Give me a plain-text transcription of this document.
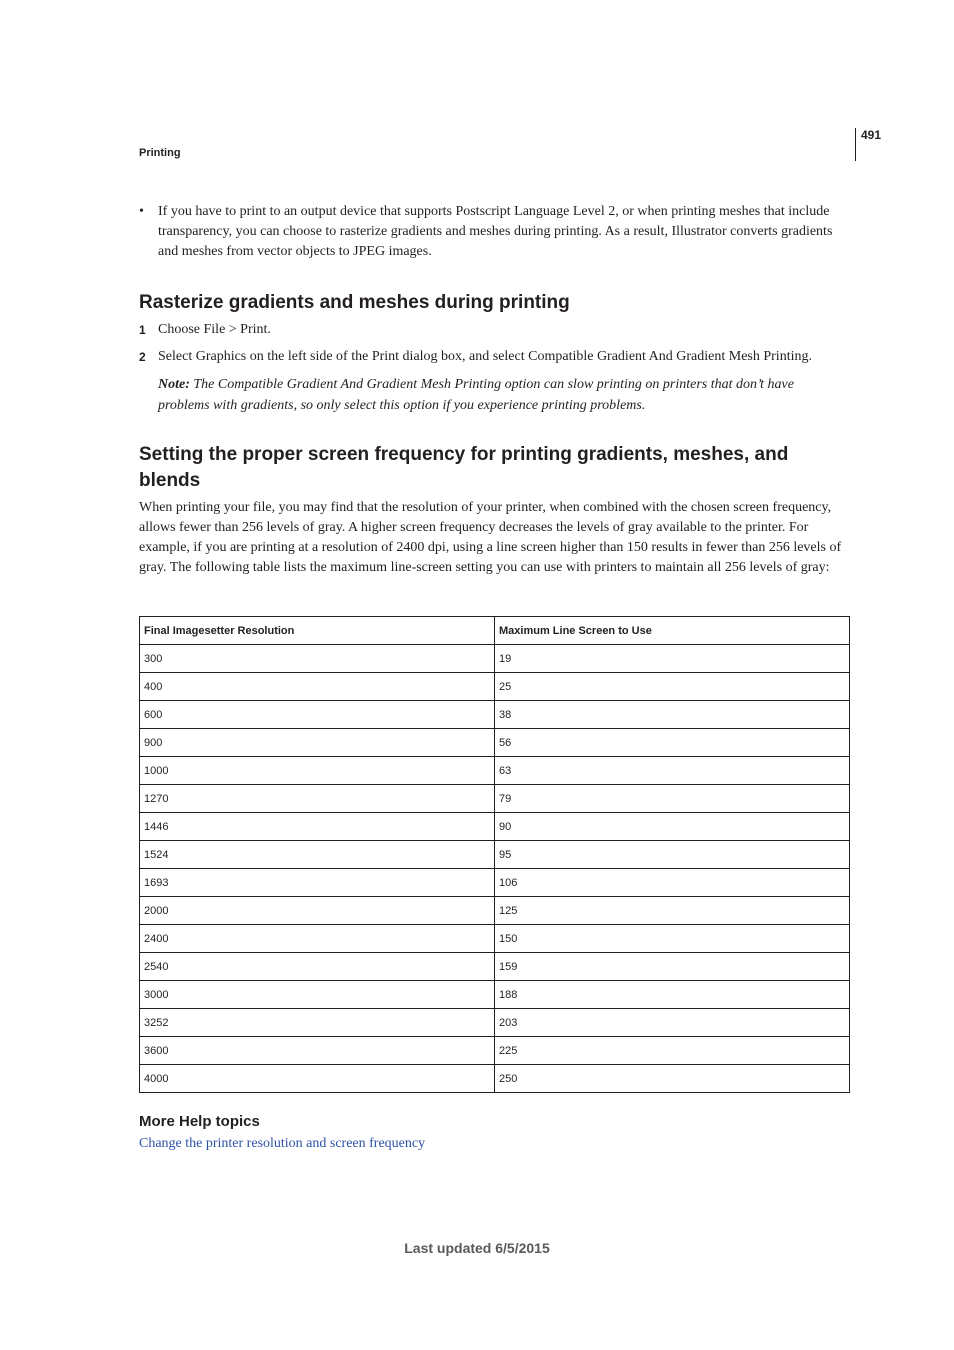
491
Printing
• If you have to print to an output device that supports Postscript Language Level 2, or when printing meshes that include transparency, you can choose to rasterize gradients and meshes during printing. As a result, Illustrator converts gradients and meshes from vector objects to JPEG images.
Rasterize gradients and meshes during printing
1 Choose File > Print.
2 Select Graphics on the left side of the Print dialog box, and select Compatible Gradient And Gradient Mesh Printing.
Note: The Compatible Gradient And Gradient Mesh Printing option can slow printing on printers that don’t have problems with gradients, so only select this option if you experience printing problems.
Setting the proper screen frequency for printing gradients, meshes, and blends
When printing your file, you may find that the resolution of your printer, when combined with the chosen screen frequency, allows fewer than 256 levels of gray. A higher screen frequency decreases the levels of gray available to the printer. For example, if you are printing at a resolution of 2400 dpi, using a line screen higher than 150 results in fewer than 256 levels of gray. The following table lists the maximum line-screen setting you can use with printers to maintain all 256 levels of gray:
Final Imagesetter Resolution	Maximum Line Screen to Use
300	19
400	25
600	38
900	56
1000	63
1270	79
1446	90
1524	95
1693	106
2000	125
2400	150
2540	159
3000	188
3252	203
3600	225
4000	250
More Help topics
Change the printer resolution and screen frequency
Last updated 6/5/2015
